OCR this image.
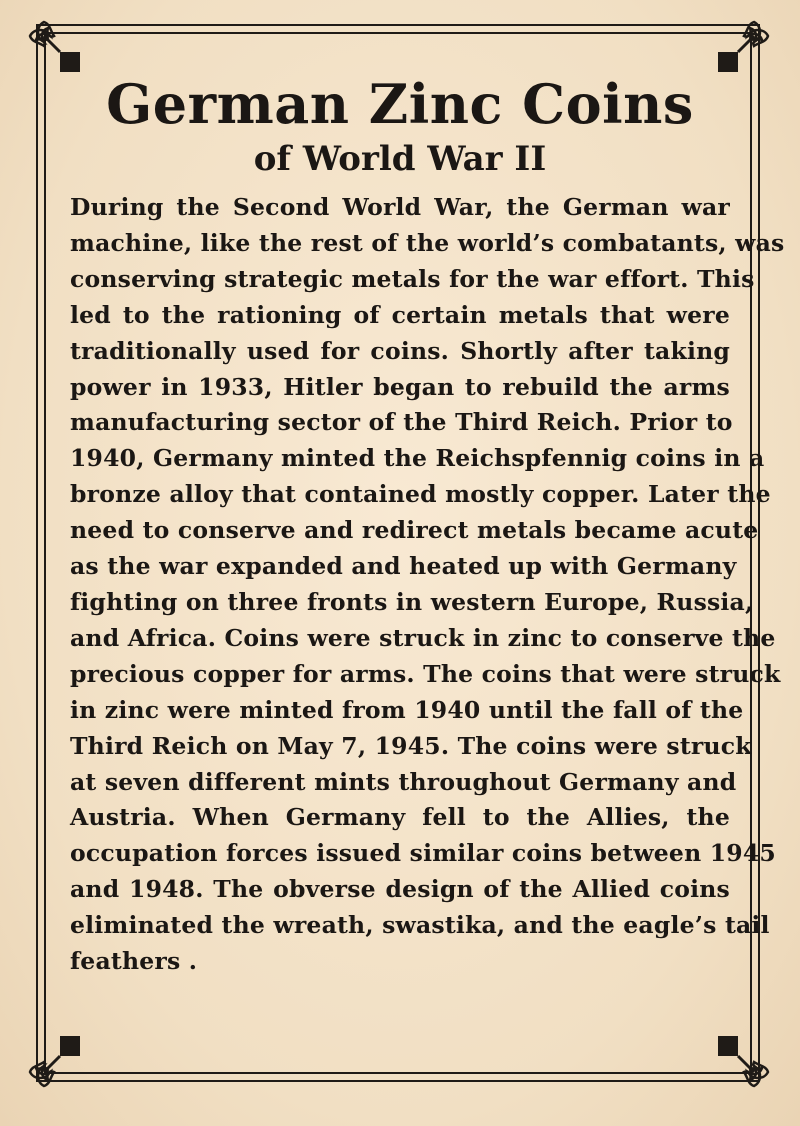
German Zinc Coins
of World War II
During the Second World War, the German war
machine, like the rest of the world’s combatants, was
conserving strategic metals for the war effort. This
led to the rationing of certain metals that were
traditionally used for coins. Shortly after taking
power in 1933, Hitler began to rebuild the arms
manufacturing sector of the Third Reich. Prior to
1940, Germany minted the Reichspfennig coins in a
bronze alloy that contained mostly copper. Later the
need to conserve and redirect metals became acute
as the war expanded and heated up with Germany
fighting on three fronts in western Europe, Russia,
and Africa. Coins were struck in zinc to conserve the
precious copper for arms. The coins that were struck
in zinc were minted from 1940 until the fall of the
Third Reich on May 7, 1945. The coins were struck
at seven different mints throughout Germany and
Austria. When Germany fell to the Allies, the
occupation forces issued similar coins between 1945
and 1948. The obverse design of the Allied coins
eliminated the wreath, swastika, and the eagle’s tail
feathers .
